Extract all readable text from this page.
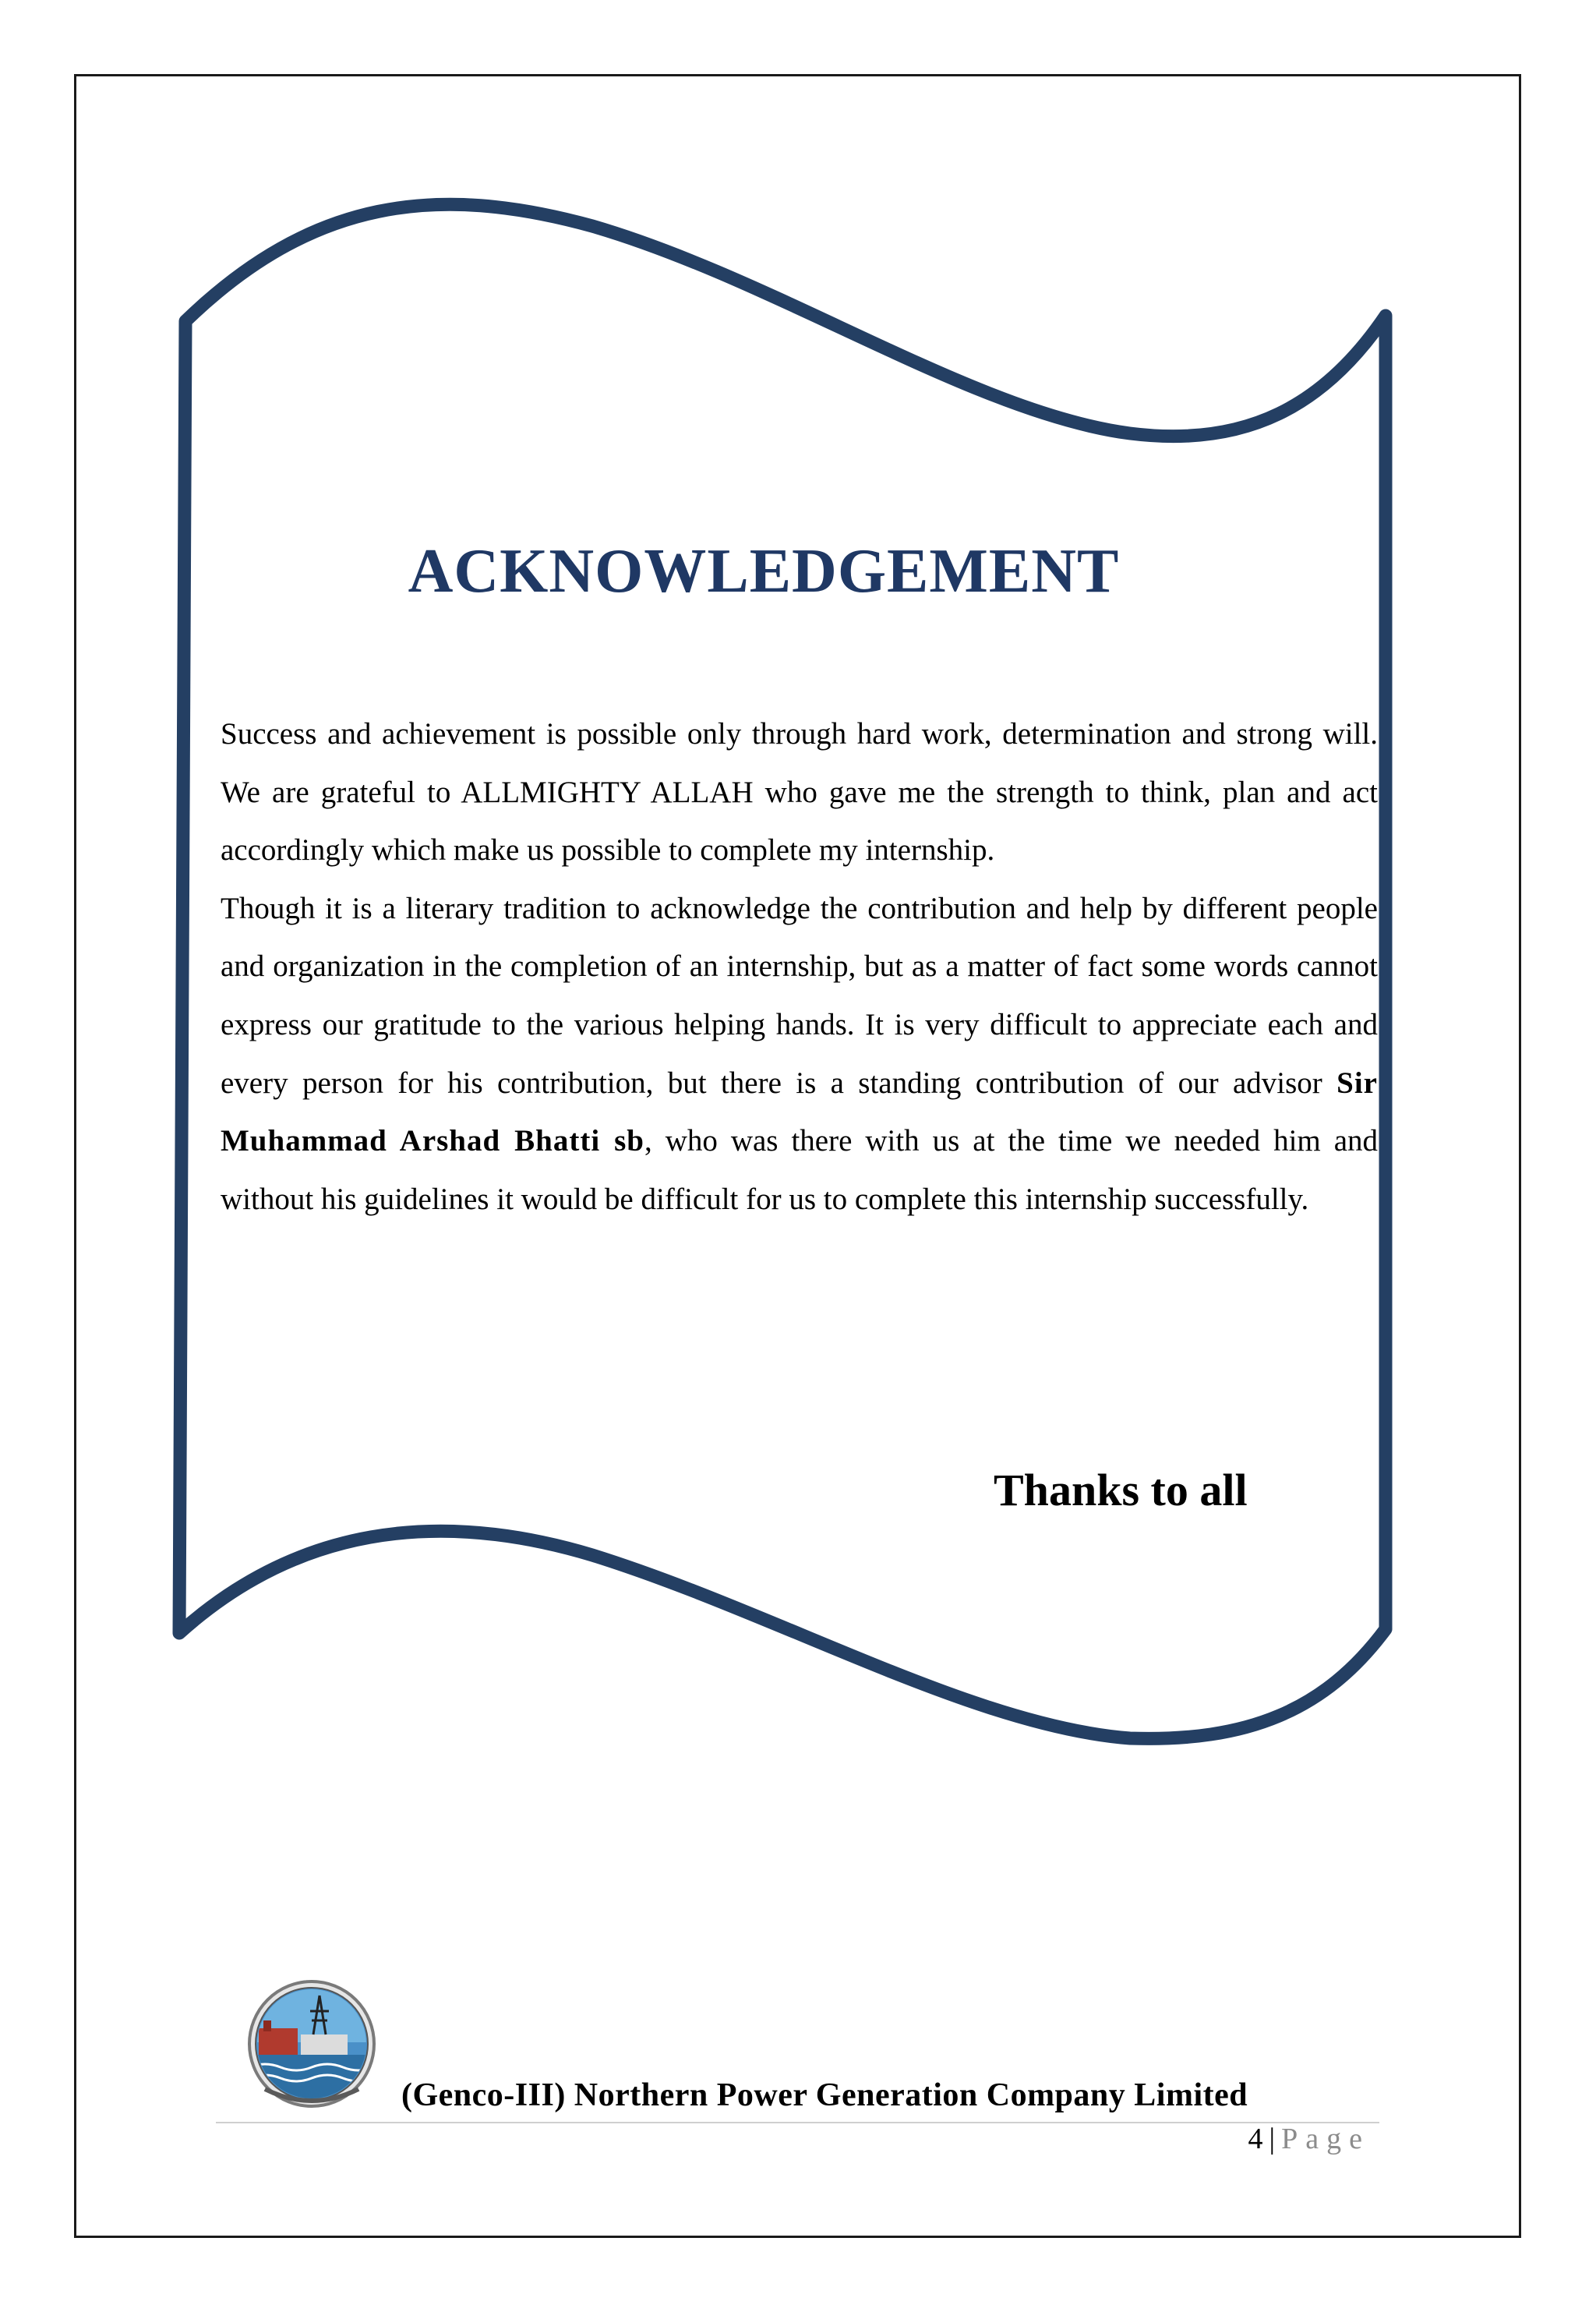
ACKNOWLEDGEMENT

Success and achievement is possible only through hard work, determination and strong will. We are grateful to ALLMIGHTY ALLAH who gave me the strength to think, plan and act accordingly which make us possible to complete my internship.

Though it is a literary tradition to acknowledge the contribution and help by different people and organization in the completion of an internship, but as a matter of fact some words cannot express our gratitude to the various helping hands. It is very difficult to appreciate each and every person for his contribution, but there is a standing contribution of our advisor Sir Muhammad Arshad Bhatti sb, who was there with us at the time we needed him and without his guidelines it would be difficult for us to complete this internship successfully.

Thanks to all

(Genco-III) Northern Power Generation Company Limited

4 | Page
